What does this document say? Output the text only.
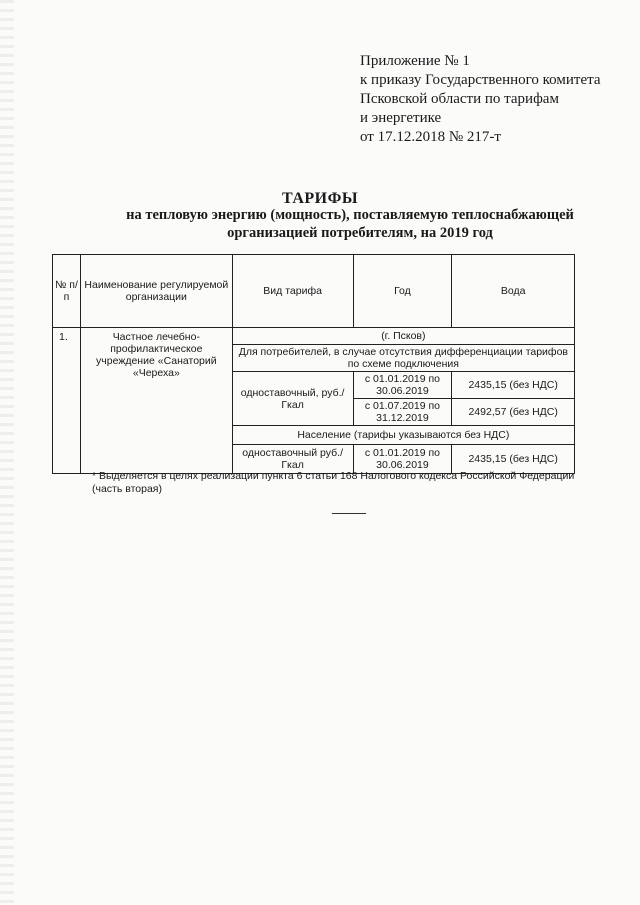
Приложение № 1
к приказу Государственного комитета
Псковской области по тарифам
и энергетике
от 17.12.2018 № 217-т
ТАРИФЫ
на тепловую энергию (мощность), поставляемую теплоснабжающей
организацией потребителям, на 2019 год
№ п/п	Наименование регулируемой организации	Вид тарифа	Год	Вода
1.	Частное лечебно-профилактическое учреждение «Санаторий «Череха»	(г. Псков)		
		Для потребителей, в случае отсутствия дифференциации тарифов по схеме подключения		
		одноставочный, руб./Гкал	с 01.01.2019 по 30.06.2019	2435,15 (без НДС)
			с 01.07.2019 по 31.12.2019	2492,57 (без НДС)
		Население (тарифы указываются без НДС)		
		одноставочный руб./Гкал	с 01.01.2019 по 30.06.2019	2435,15 (без НДС)
* Выделяется в целях реализации пункта 6 статьи 168 Налогового кодекса Российской Федерации (часть вторая)
